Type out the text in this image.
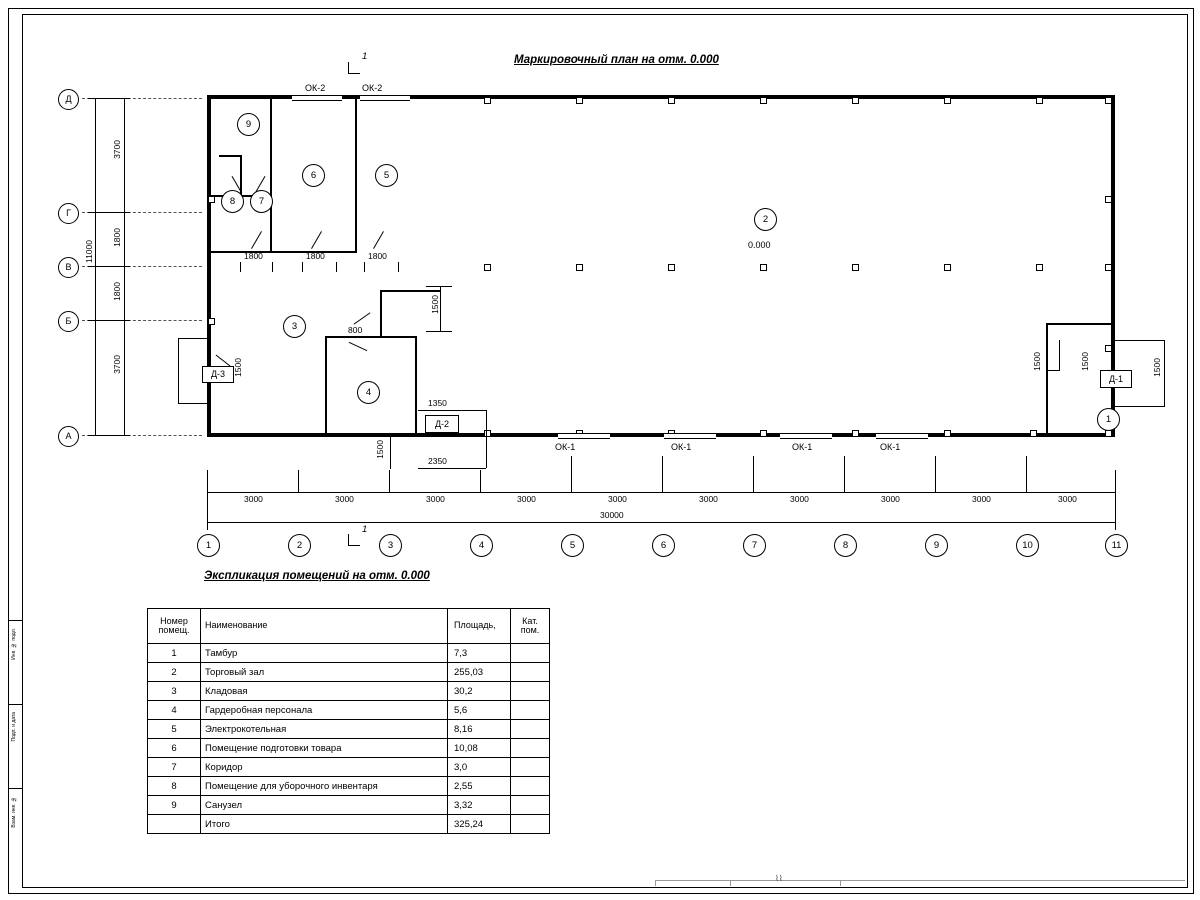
Инв. № подл.
Подп. и дата
Взам. инв. №
Маркировочный план на отм. 0.000
Экспликация помещений на отм. 0.000
1
1
Д
Г
В
Б
А
3700
1800
1800
3700
11000
ОК-2	ОК-2
ОК-1	ОК-1	ОК-1	ОК-1
9
8	7
6	5
2
0.000
3
4
1
Д-3
Д-2
Д-1
1800	1800	1800
1500
800
1500
1350
1500
2350
1500	1500	1500
30000
3000	3000	3000	3000	3000	3000	3000	3000	3000	3000
1	2	3	4	5	6	7	8	9	10	11
Номер помещ.	Наименование	Площадь,	Кат. пом.
1	Тамбур	7,3	
2	Торговый зал	255,03	
3	Кладовая	30,2	
4	Гардеробная персонала	5,6	
5	Электрокотельная	8,16	
6	Помещение подготовки товара	10,08	
7	Коридор	3,0	
8	Помещение для уборочного инвентаря	2,55	
9	Санузел	3,32	
	Итого	325,24	
⌇⌇
